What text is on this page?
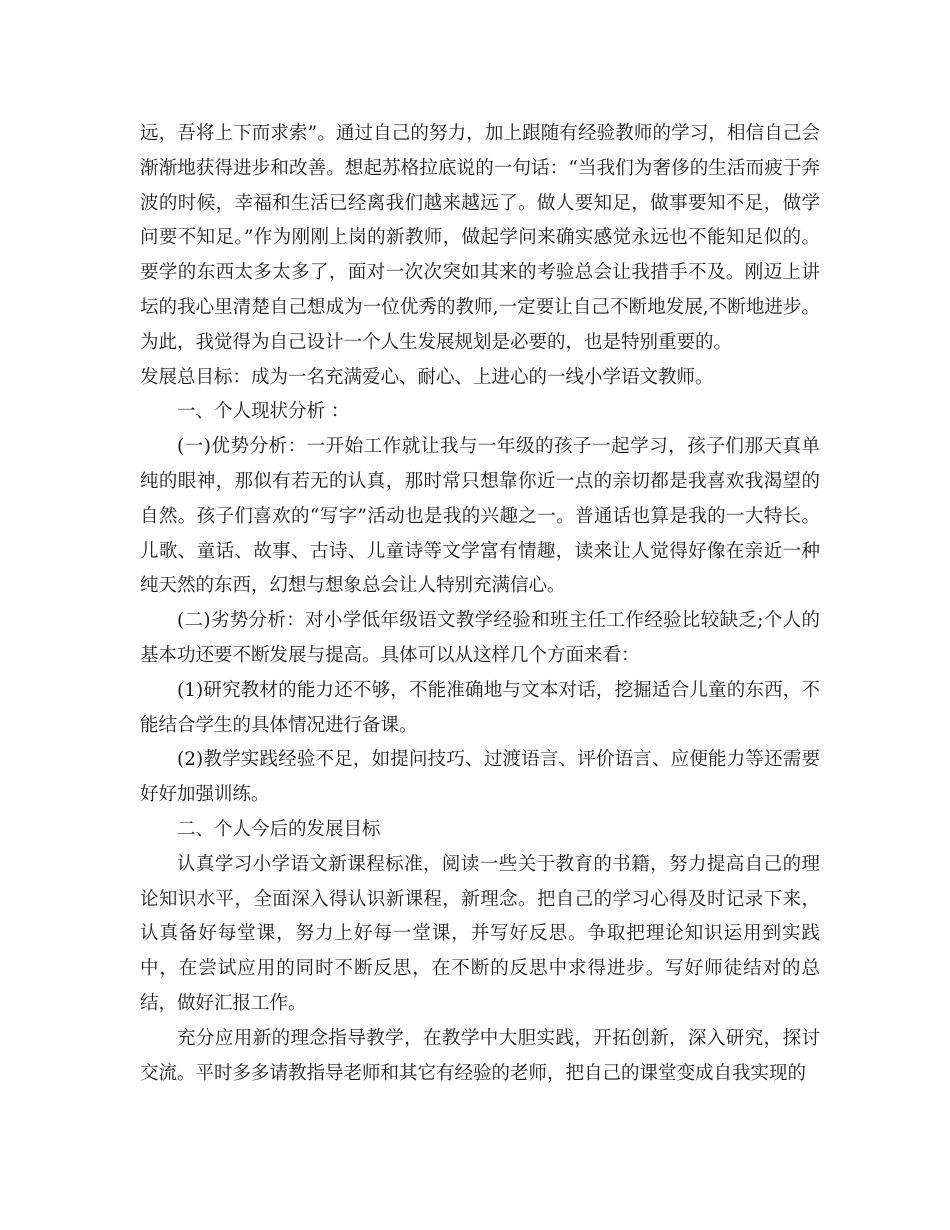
远，吾将上下而求索”。通过自己的努力，加上跟随有经验教师的学习，相信自己会渐渐地获得进步和改善。想起苏格拉底说的一句话：“当我们为奢侈的生活而疲于奔波的时候，幸福和生活已经离我们越来越远了。做人要知足，做事要知不足，做学问要不知足。”作为刚刚上岗的新教师，做起学问来确实感觉永远也不能知足似的。要学的东西太多太多了，面对一次次突如其来的考验总会让我措手不及。刚迈上讲坛的我心里清楚自己想成为一位优秀的教师,一定要让自己不断地发展,不断地进步。为此，我觉得为自己设计一个人生发展规划是必要的，也是特别重要的。

发展总目标：成为一名充满爱心、耐心、上进心的一线小学语文教师。

一、个人现状分析 ：

(一)优势分析：一开始工作就让我与一年级的孩子一起学习，孩子们那天真单纯的眼神，那似有若无的认真，那时常只想靠你近一点的亲切都是我喜欢我渴望的自然。孩子们喜欢的“写字”活动也是我的兴趣之一。普通话也算是我的一大特长。儿歌、童话、故事、古诗、儿童诗等文学富有情趣，读来让人觉得好像在亲近一种纯天然的东西，幻想与想象总会让人特别充满信心。

(二)劣势分析：对小学低年级语文教学经验和班主任工作经验比较缺乏;个人的基本功还要不断发展与提高。具体可以从这样几个方面来看：

(1)研究教材的能力还不够，不能准确地与文本对话，挖掘适合儿童的东西，不能结合学生的具体情况进行备课。

(2)教学实践经验不足，如提问技巧、过渡语言、评价语言、应便能力等还需要好好加强训练。

二、个人今后的发展目标

认真学习小学语文新课程标准，阅读一些关于教育的书籍，努力提高自己的理论知识水平，全面深入得认识新课程，新理念。把自己的学习心得及时记录下来，认真备好每堂课，努力上好每一堂课，并写好反思。争取把理论知识运用到实践中，在尝试应用的同时不断反思，在不断的反思中求得进步。写好师徒结对的总结，做好汇报工作。

充分应用新的理念指导教学，在教学中大胆实践，开拓创新，深入研究，探讨交流。平时多多请教指导老师和其它有经验的老师，把自己的课堂变成自我实现的
